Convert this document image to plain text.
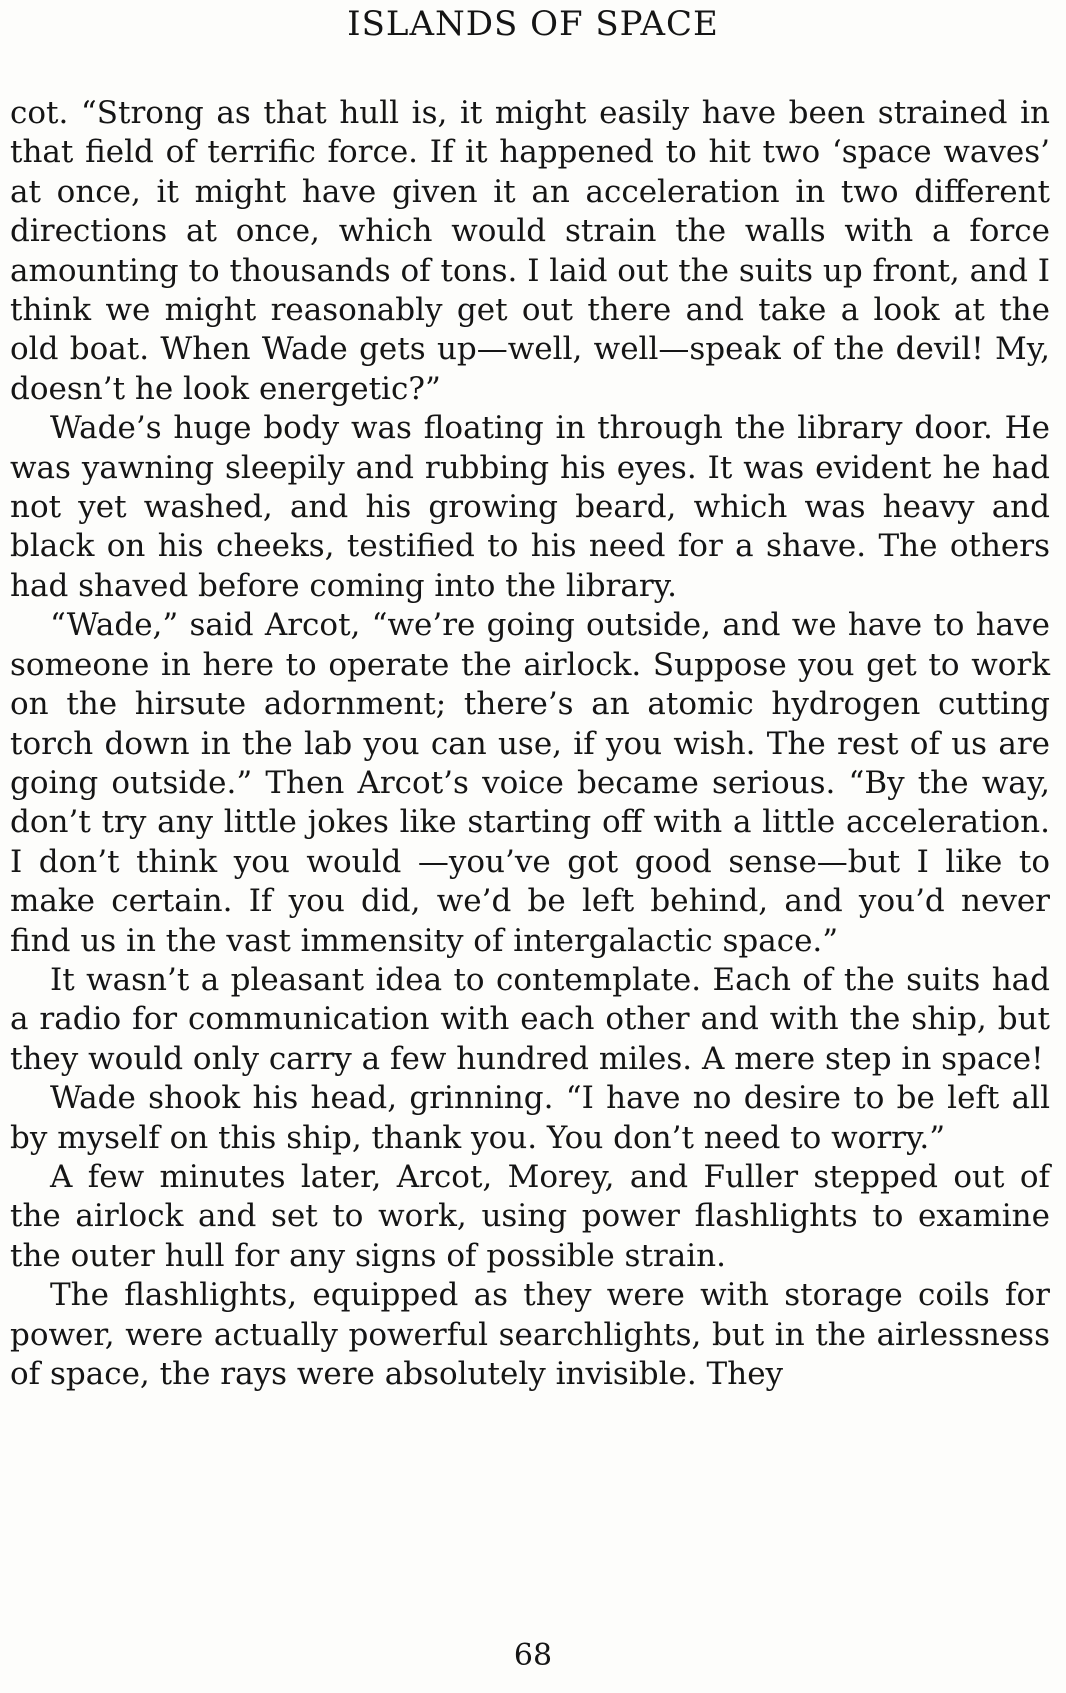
ISLANDS OF SPACE

cot. “Strong as that hull is, it might easily have been strained in that field of terrific force. If it happened to hit two ‘space waves’ at once, it might have given it an acceleration in two different directions at once, which would strain the walls with a force amounting to thousands of tons. I laid out the suits up front, and I think we might reasonably get out there and take a look at the old boat. When Wade gets up—well, well—speak of the devil! My, doesn’t he look energetic?”

Wade’s huge body was floating in through the library door. He was yawning sleepily and rubbing his eyes. It was evident he had not yet washed, and his growing beard, which was heavy and black on his cheeks, testified to his need for a shave. The others had shaved before coming into the library.

“Wade,” said Arcot, “we’re going outside, and we have to have someone in here to operate the airlock. Suppose you get to work on the hirsute adornment; there’s an atomic hydrogen cutting torch down in the lab you can use, if you wish. The rest of us are going outside.” Then Arcot’s voice became serious. “By the way, don’t try any little jokes like starting off with a little acceleration. I don’t think you would —you’ve got good sense—but I like to make certain. If you did, we’d be left behind, and you’d never find us in the vast immensity of intergalactic space.”

It wasn’t a pleasant idea to contemplate. Each of the suits had a radio for communication with each other and with the ship, but they would only carry a few hundred miles. A mere step in space!

Wade shook his head, grinning. “I have no desire to be left all by myself on this ship, thank you. You don’t need to worry.”

A few minutes later, Arcot, Morey, and Fuller stepped out of the airlock and set to work, using power flashlights to examine the outer hull for any signs of possible strain.

The flashlights, equipped as they were with storage coils for power, were actually powerful searchlights, but in the airlessness of space, the rays were absolutely invisible. They

68
